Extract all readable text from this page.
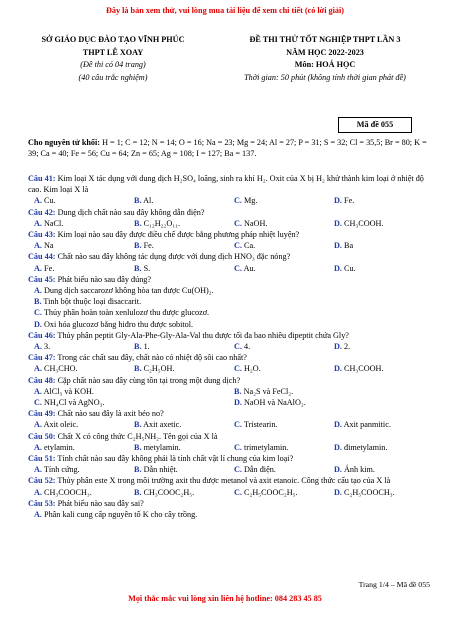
Đây là bản xem thử, vui lòng mua tài liệu để xem chi tiết (có lời giải)
SỞ GIÁO DỤC ĐÀO TẠO VĨNH PHÚC
THPT LÊ XOAY
(Đề thi có 04 trang)
(40 câu trắc nghiệm)
ĐỀ THI THỬ TỐT NGHIỆP THPT LẦN 3
NĂM HỌC 2022-2023
Môn: HOÁ HỌC
Thời gian: 50 phút (không tính thời gian phát đề)
Mã đề 055
Cho nguyên tử khối: H = 1; C = 12; N = 14; O = 16; Na = 23; Mg = 24; Al = 27; P = 31; S = 32; Cl = 35,5; Br = 80; K = 39; Ca = 40; Fe = 56; Cu = 64; Zn = 65; Ag = 108; I = 127; Ba = 137.
Câu 41: Kim loại X tác dụng với dung dịch H₂SO₄ loãng, sinh ra khí H₂. Oxit của X bị H₂ khử thành kim loại ở nhiệt độ cao. Kim loại X là
A. Cu.	B. Al.	C. Mg.	D. Fe.
Câu 42: Dung dịch chất nào sau đây không dẫn điện?
A. NaCl.	B. C₁₂H₂₂O₁₁.	C. NaOH.	D. CH₃COOH.
Câu 43: Kim loại nào sau đây được điều chế được bằng phương pháp nhiệt luyện?
A. Na	B. Fe.	C. Ca.	D. Ba
Câu 44: Chất nào sau đây không tác dụng được với dung dịch HNO₃ đặc nóng?
A. Fe.	B. S.	C. Au.	D. Cu.
Câu 45: Phát biểu nào sau đây đúng?
A. Dung dịch saccarozơ không hòa tan được Cu(OH)₂.
B. Tinh bột thuộc loại đisaccarit.
C. Thủy phân hoàn toàn xenlulozơ thu được glucozơ.
D. Oxi hóa glucozơ bằng hiđro thu được sobitol.
Câu 46: Thủy phân peptit Gly-Ala-Phe-Gly-Ala-Val thu được tối đa bao nhiêu đipeptit chứa Gly?
A. 3.	B. 1.	C. 4.	D. 2.
Câu 47: Trong các chất sau đây, chất nào có nhiệt độ sôi cao nhất?
A. CH₃CHO.	B. C₂H₅OH.	C. H₂O.	D. CH₃COOH.
Câu 48: Cặp chất nào sau đây cùng tồn tại trong một dung dịch?
A. AlCl₃ và KOH.	B. Na₂S và FeCl₂.
C. NH₄Cl và AgNO₃.	D. NaOH và NaAlO₂.
Câu 49: Chất nào sau đây là axit béo no?
A. Axit oleic.	B. Axit axetic.	C. Tristearin.	D. Axit panmitic.
Câu 50: Chất X có công thức C₂H₅NH₂. Tên gọi của X là
A. etylamin.	B. metylamin.	C. trimetylamin.	D. đimetylamin.
Câu 51: Tính chất nào sau đây không phải là tính chất vật lí chung của kim loại?
A. Tính cứng.	B. Dẫn nhiệt.	C. Dẫn điện.	D. Ánh kim.
Câu 52: Thủy phân este X trong môi trường axit thu được metanol và axit etanoic. Công thức cấu tạo của X là
A. CH₃COOCH₃.	B. CH₃COOC₂H₅.	C. C₂H₅COOC₂H₅.	D. C₂H₅COOCH₃.
Câu 53: Phát biểu nào sau đây sai?
A. Phân kali cung cấp nguyên tố K cho cây trồng.
Trang 1/4 – Mã đề 055
Mọi thắc mắc vui lòng xin liên hệ hotline: 084 283 45 85
